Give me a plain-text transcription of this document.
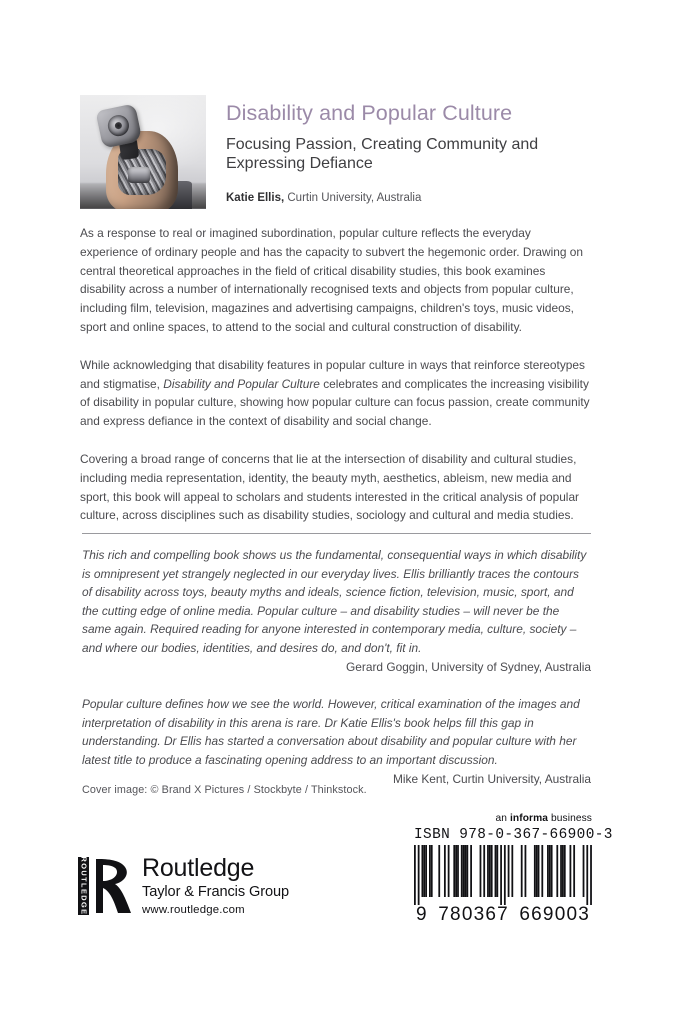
Disability and Popular Culture
Focusing Passion, Creating Community and Expressing Defiance

Katie Ellis, Curtin University, Australia

As a response to real or imagined subordination, popular culture reflects the everyday experience of ordinary people and has the capacity to subvert the hegemonic order. Drawing on central theoretical approaches in the field of critical disability studies, this book examines disability across a number of internationally recognised texts and objects from popular culture, including film, television, magazines and advertising campaigns, children's toys, music videos, sport and online spaces, to attend to the social and cultural construction of disability.

While acknowledging that disability features in popular culture in ways that reinforce stereotypes and stigmatise, Disability and Popular Culture celebrates and complicates the increasing visibility of disability in popular culture, showing how popular culture can focus passion, create community and express defiance in the context of disability and social change.

Covering a broad range of concerns that lie at the intersection of disability and cultural studies, including media representation, identity, the beauty myth, aesthetics, ableism, new media and sport, this book will appeal to scholars and students interested in the critical analysis of popular culture, across disciplines such as disability studies, sociology and cultural and media studies.

This rich and compelling book shows us the fundamental, consequential ways in which disability is omnipresent yet strangely neglected in our everyday lives. Ellis brilliantly traces the contours of disability across toys, beauty myths and ideals, science fiction, television, music, sport, and the cutting edge of online media. Popular culture – and disability studies – will never be the same again. Required reading for anyone interested in contemporary media, culture, society – and where our bodies, identities, and desires do, and don't, fit in.

Gerard Goggin, University of Sydney, Australia

Popular culture defines how we see the world. However, critical examination of the images and interpretation of disability in this arena is rare. Dr Katie Ellis's book helps fill this gap in understanding. Dr Ellis has started a conversation about disability and popular culture with her latest title to produce a fascinating opening address to an important discussion.

Mike Kent, Curtin University, Australia
Cover image: © Brand X Pictures / Stockbyte / Thinkstock.
ROUTLEDGE Routledge
Taylor & Francis Group
www.routledge.com
an informa business
ISBN 978-0-367-66900-3
9 780367 669003
